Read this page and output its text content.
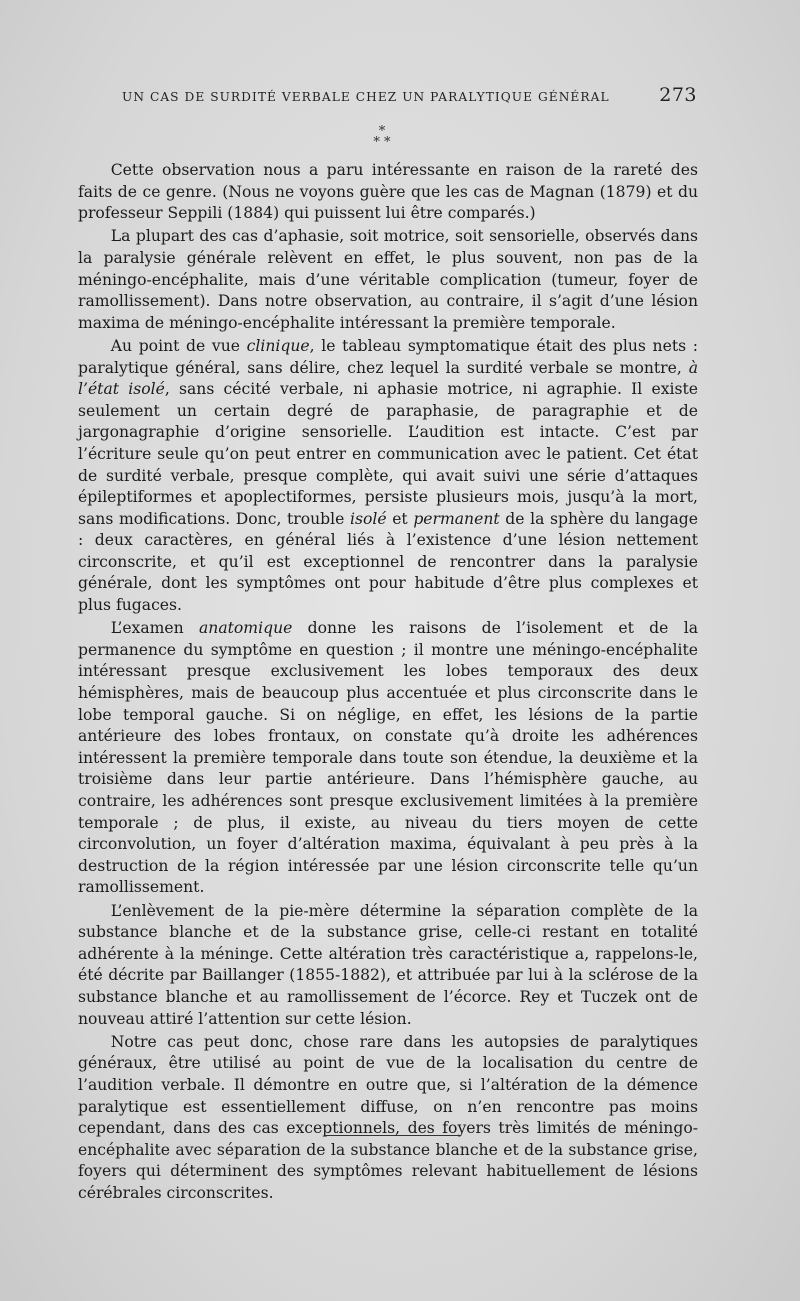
UN CAS DE SURDITÉ VERBALE CHEZ UN PARALYTIQUE GÉNÉRAL	273
*
* *

Cette observation nous a paru intéressante en raison de la rareté des faits de ce genre. (Nous ne voyons guère que les cas de Magnan (1879) et du professeur Seppili (1884) qui puissent lui être comparés.)

La plupart des cas d’aphasie, soit motrice, soit sensorielle, observés dans la paralysie générale relèvent en effet, le plus souvent, non pas de la méningo-encéphalite, mais d’une véritable complication (tumeur, foyer de ramollissement). Dans notre observation, au contraire, il s’agit d’une lésion maxima de méningo-encéphalite intéressant la première temporale.

Au point de vue clinique, le tableau symptomatique était des plus nets : paralytique général, sans délire, chez lequel la surdité verbale se montre, à l’état isolé, sans cécité verbale, ni aphasie motrice, ni agraphie. Il existe seulement un certain degré de paraphasie, de paragraphie et de jargonagraphie d’origine sensorielle. L’audition est intacte. C’est par l’écriture seule qu’on peut entrer en communication avec le patient. Cet état de surdité verbale, presque complète, qui avait suivi une série d’attaques épileptiformes et apoplectiformes, persiste plusieurs mois, jusqu’à la mort, sans modifications. Donc, trouble isolé et permanent de la sphère du langage : deux caractères, en général liés à l’existence d’une lésion nettement circonscrite, et qu’il est exceptionnel de rencontrer dans la paralysie générale, dont les symptômes ont pour habitude d’être plus complexes et plus fugaces.

L’examen anatomique donne les raisons de l’isolement et de la permanence du symptôme en question ; il montre une méningo-encéphalite intéressant presque exclusivement les lobes temporaux des deux hémisphères, mais de beaucoup plus accentuée et plus circonscrite dans le lobe temporal gauche. Si on néglige, en effet, les lésions de la partie antérieure des lobes frontaux, on constate qu’à droite les adhérences intéressent la première temporale dans toute son étendue, la deuxième et la troisième dans leur partie antérieure. Dans l’hémisphère gauche, au contraire, les adhérences sont presque exclusivement limitées à la première temporale ; de plus, il existe, au niveau du tiers moyen de cette circonvolution, un foyer d’altération maxima, équivalant à peu près à la destruction de la région intéressée par une lésion circonscrite telle qu’un ramollissement.

L’enlèvement de la pie-mère détermine la séparation complète de la substance blanche et de la substance grise, celle-ci restant en totalité adhérente à la méninge. Cette altération très caractéristique a, rappelons-le, été décrite par Baillanger (1855-1882), et attribuée par lui à la sclérose de la substance blanche et au ramollissement de l’écorce. Rey et Tuczek ont de nouveau attiré l’attention sur cette lésion.

Notre cas peut donc, chose rare dans les autopsies de paralytiques généraux, être utilisé au point de vue de la localisation du centre de l’audition verbale. Il démontre en outre que, si l’altération de la démence paralytique est essentiellement diffuse, on n’en rencontre pas moins cependant, dans des cas exceptionnels, des foyers très limités de méningo-encéphalite avec séparation de la substance blanche et de la substance grise, foyers qui déterminent des symptômes relevant habituellement de lésions cérébrales circonscrites.
